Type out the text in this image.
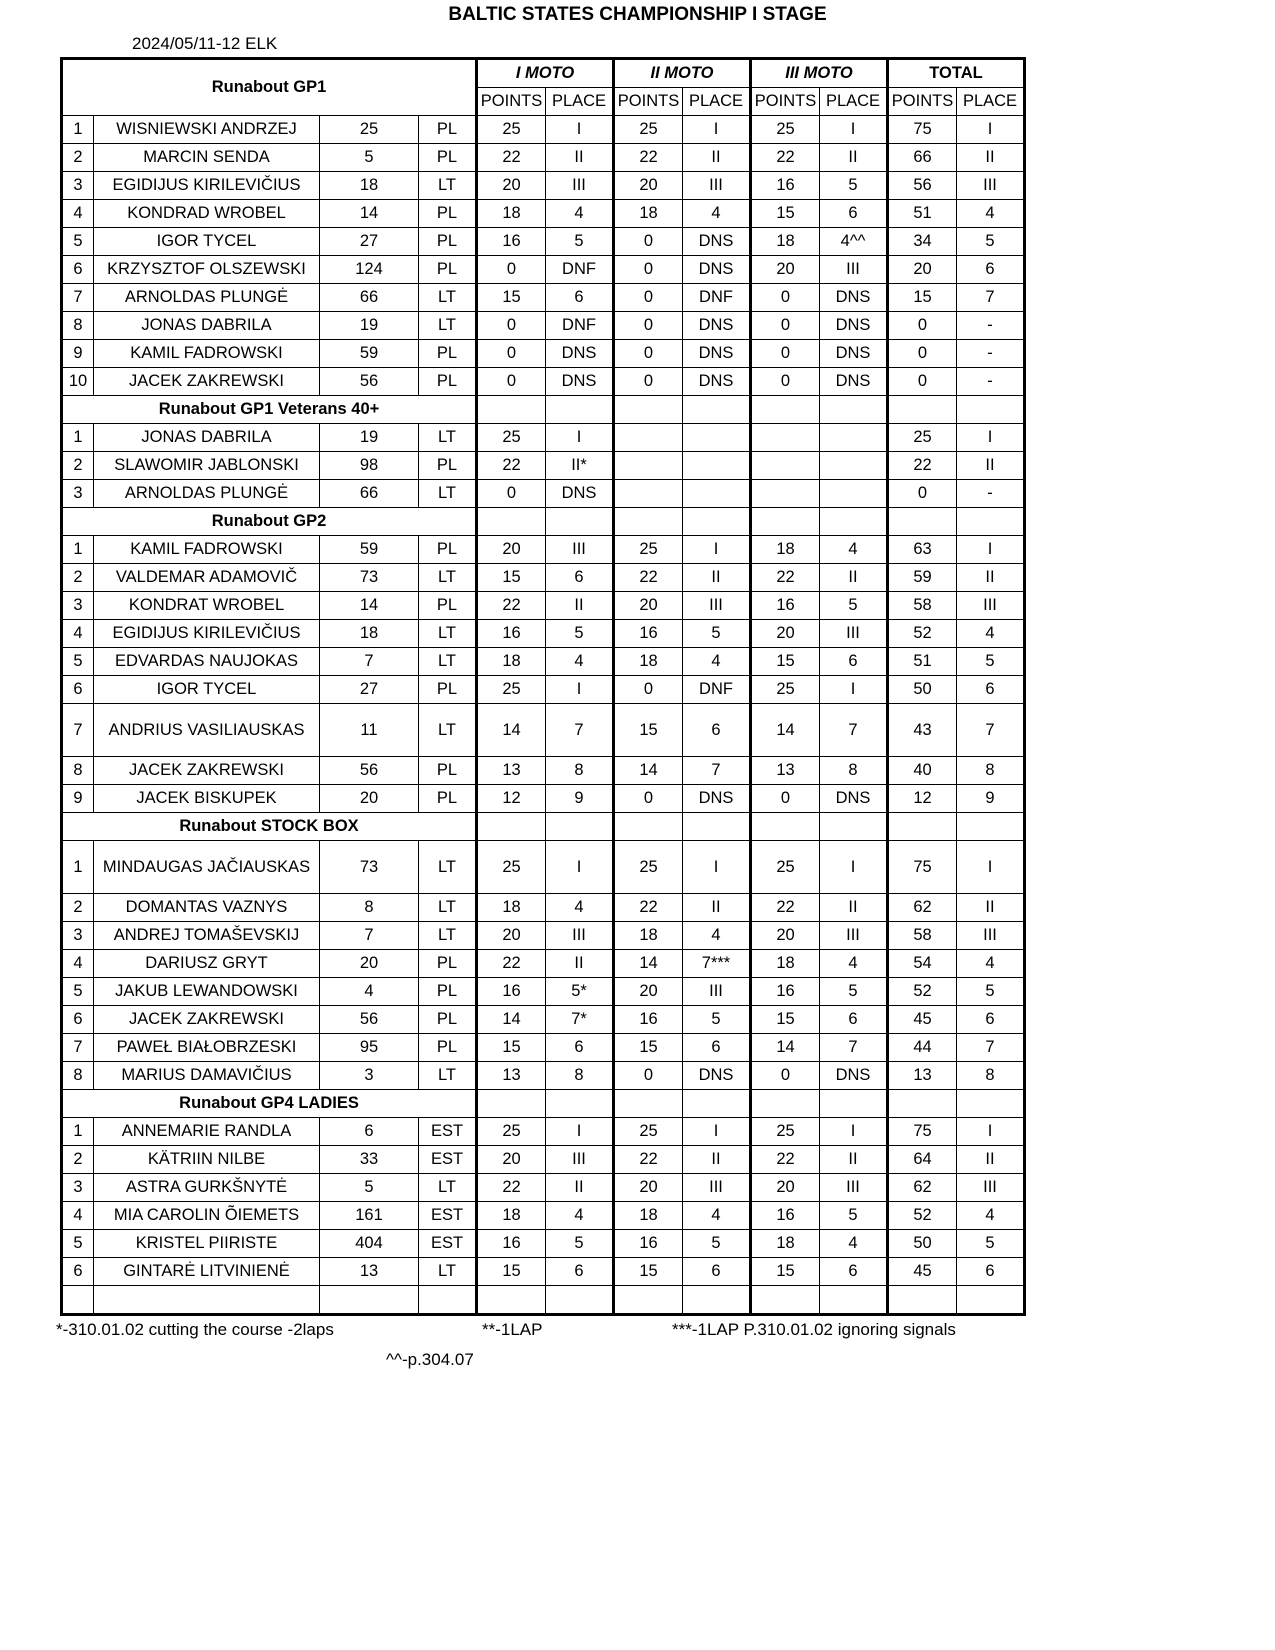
BALTIC STATES CHAMPIONSHIP I STAGE
2024/05/11-12 ELK
Runabout GP1				I MOTO		II MOTO		III MOTO		TOTAL	
				POINTS	PLACE	POINTS	PLACE	POINTS	PLACE	POINTS	PLACE
1	WISNIEWSKI ANDRZEJ	25	PL	25	I	25	I	25	I	75	I
2	MARCIN SENDA	5	PL	22	II	22	II	22	II	66	II
3	EGIDIJUS KIRILEVIČIUS	18	LT	20	III	20	III	16	5	56	III
4	KONDRAD WROBEL	14	PL	18	4	18	4	15	6	51	4
5	IGOR TYCEL	27	PL	16	5	0	DNS	18	4^^	34	5
6	KRZYSZTOF OLSZEWSKI	124	PL	0	DNF	0	DNS	20	III	20	6
7	ARNOLDAS PLUNGĖ	66	LT	15	6	0	DNF	0	DNS	15	7
8	JONAS DABRILA	19	LT	0	DNF	0	DNS	0	DNS	0	-
9	KAMIL FADROWSKI	59	PL	0	DNS	0	DNS	0	DNS	0	-
10	JACEK ZAKREWSKI	56	PL	0	DNS	0	DNS	0	DNS	0	-
Runabout GP1 Veterans 40+											
1	JONAS DABRILA	19	LT	25	I					25	I
2	SLAWOMIR JABLONSKI	98	PL	22	II*					22	II
3	ARNOLDAS PLUNGĖ	66	LT	0	DNS					0	-
Runabout GP2											
1	KAMIL FADROWSKI	59	PL	20	III	25	I	18	4	63	I
2	VALDEMAR ADAMOVIČ	73	LT	15	6	22	II	22	II	59	II
3	KONDRAT WROBEL	14	PL	22	II	20	III	16	5	58	III
4	EGIDIJUS KIRILEVIČIUS	18	LT	16	5	16	5	20	III	52	4
5	EDVARDAS NAUJOKAS	7	LT	18	4	18	4	15	6	51	5
6	IGOR TYCEL	27	PL	25	I	0	DNF	25	I	50	6
7	ANDRIUS VASILIAUSKAS	11	LT	14	7	15	6	14	7	43	7
8	JACEK ZAKREWSKI	56	PL	13	8	14	7	13	8	40	8
9	JACEK BISKUPEK	20	PL	12	9	0	DNS	0	DNS	12	9
Runabout STOCK BOX											
1	MINDAUGAS JAČIAUSKAS	73	LT	25	I	25	I	25	I	75	I
2	DOMANTAS VAZNYS	8	LT	18	4	22	II	22	II	62	II
3	ANDREJ TOMAŠEVSKIJ	7	LT	20	III	18	4	20	III	58	III
4	DARIUSZ GRYT	20	PL	22	II	14	7***	18	4	54	4
5	JAKUB LEWANDOWSKI	4	PL	16	5*	20	III	16	5	52	5
6	JACEK ZAKREWSKI	56	PL	14	7*	16	5	15	6	45	6
7	PAWEŁ BIAŁOBRZESKI	95	PL	15	6	15	6	14	7	44	7
8	MARIUS DAMAVIČIUS	3	LT	13	8	0	DNS	0	DNS	13	8
Runabout GP4 LADIES											
1	ANNEMARIE RANDLA	6	EST	25	I	25	I	25	I	75	I
2	KÄTRIIN NILBE	33	EST	20	III	22	II	22	II	64	II
3	ASTRA GURKŠNYTĖ	5	LT	22	II	20	III	20	III	62	III
4	MIA CAROLIN ÕIEMETS	161	EST	18	4	18	4	16	5	52	4
5	KRISTEL PIIRISTE	404	EST	16	5	16	5	18	4	50	5
6	GINTARĖ LITVINIENĖ	13	LT	15	6	15	6	15	6	45	6

*-310.01.02 cutting the course -2laps	**-1LAP	***-1LAP P.310.01.02 ignoring signals
^^-p.304.07
